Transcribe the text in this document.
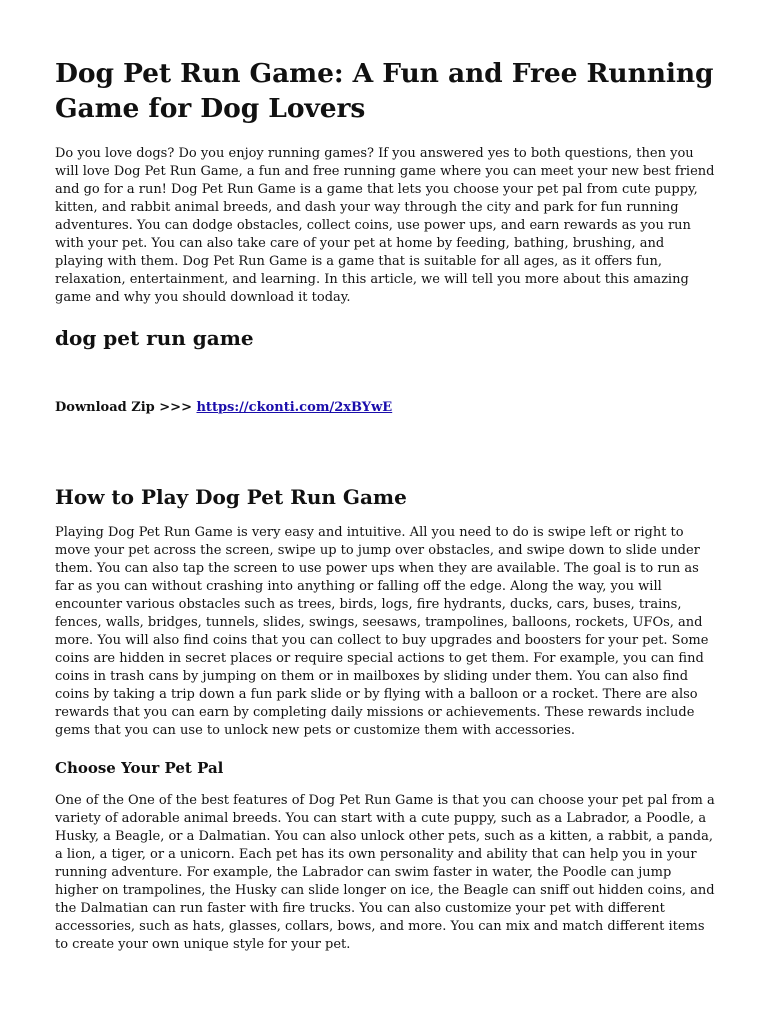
Dog Pet Run Game: A Fun and Free Running Game for Dog Lovers

Do you love dogs? Do you enjoy running games? If you answered yes to both questions, then you will love Dog Pet Run Game, a fun and free running game where you can meet your new best friend and go for a run! Dog Pet Run Game is a game that lets you choose your pet pal from cute puppy, kitten, and rabbit animal breeds, and dash your way through the city and park for fun running adventures. You can dodge obstacles, collect coins, use power ups, and earn rewards as you run with your pet. You can also take care of your pet at home by feeding, bathing, brushing, and playing with them. Dog Pet Run Game is a game that is suitable for all ages, as it offers fun, relaxation, entertainment, and learning. In this article, we will tell you more about this amazing game and why you should download it today.

dog pet run game
Download Zip >>> https://ckonti.com/2xBYwE
How to Play Dog Pet Run Game

Playing Dog Pet Run Game is very easy and intuitive. All you need to do is swipe left or right to move your pet across the screen, swipe up to jump over obstacles, and swipe down to slide under them. You can also tap the screen to use power ups when they are available. The goal is to run as far as you can without crashing into anything or falling off the edge. Along the way, you will encounter various obstacles such as trees, birds, logs, fire hydrants, ducks, cars, buses, trains, fences, walls, bridges, tunnels, slides, swings, seesaws, trampolines, balloons, rockets, UFOs, and more. You will also find coins that you can collect to buy upgrades and boosters for your pet. Some coins are hidden in secret places or require special actions to get them. For example, you can find coins in trash cans by jumping on them or in mailboxes by sliding under them. You can also find coins by taking a trip down a fun park slide or by flying with a balloon or a rocket. There are also rewards that you can earn by completing daily missions or achievements. These rewards include gems that you can use to unlock new pets or customize them with accessories.

Choose Your Pet Pal

One of the One of the best features of Dog Pet Run Game is that you can choose your pet pal from a variety of adorable animal breeds. You can start with a cute puppy, such as a Labrador, a Poodle, a Husky, a Beagle, or a Dalmatian. You can also unlock other pets, such as a kitten, a rabbit, a panda, a lion, a tiger, or a unicorn. Each pet has its own personality and ability that can help you in your running adventure. For example, the Labrador can swim faster in water, the Poodle can jump higher on trampolines, the Husky can slide longer on ice, the Beagle can sniff out hidden coins, and the Dalmatian can run faster with fire trucks. You can also customize your pet with different accessories, such as hats, glasses, collars, bows, and more. You can mix and match different items to create your own unique style for your pet.
